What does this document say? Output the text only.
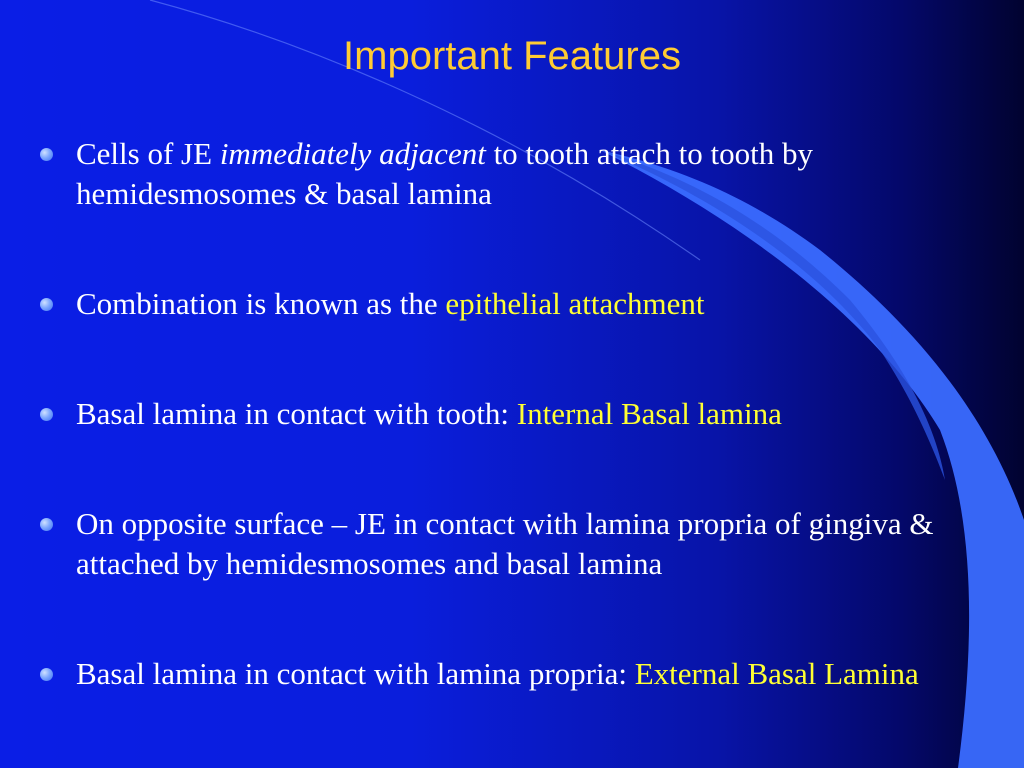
Important Features
Cells of JE immediately adjacent to tooth attach to tooth by hemidesmosomes & basal lamina
Combination is known as the epithelial attachment
Basal lamina in contact with tooth: Internal Basal lamina
On opposite surface – JE in contact with lamina propria of gingiva & attached by hemidesmosomes and basal lamina
Basal lamina in contact with lamina propria: External Basal Lamina
